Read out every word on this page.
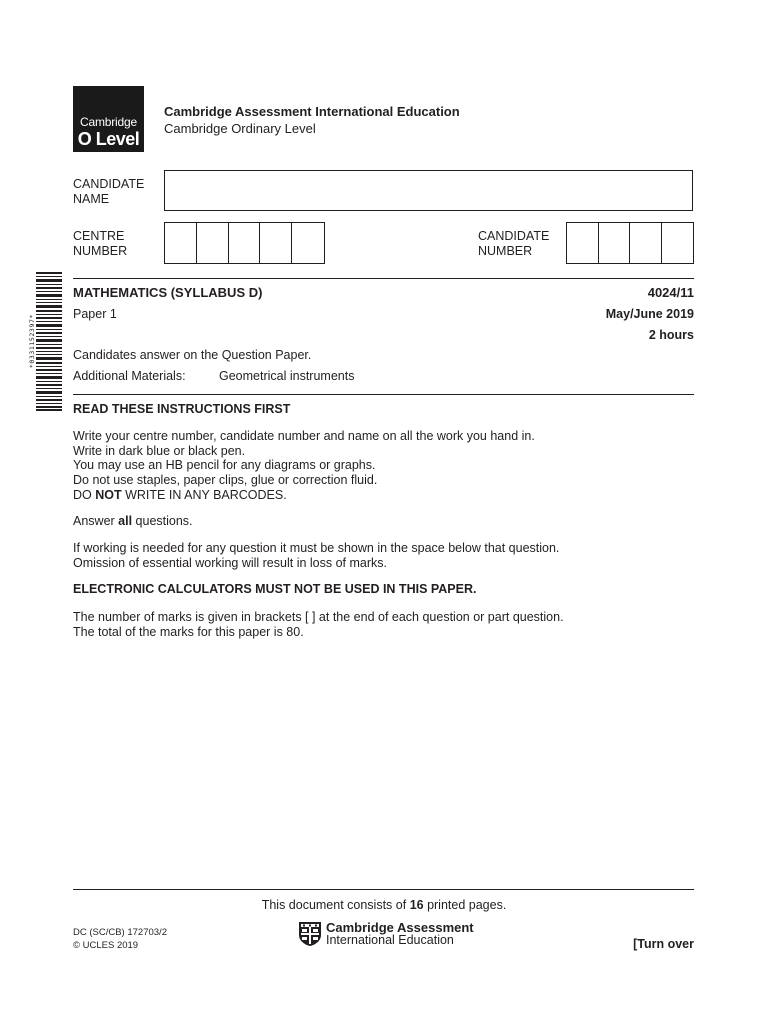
Cambridge
O Level
Cambridge Assessment International Education
Cambridge Ordinary Level
CANDIDATE
NAME
CENTRE
NUMBER
CANDIDATE
NUMBER
*0331152397*
MATHEMATICS (SYLLABUS D)	4024/11
Paper 1	May/June 2019
2 hours
Candidates answer on the Question Paper.
Additional Materials:	Geometrical instruments
READ THESE INSTRUCTIONS FIRST
Write your centre number, candidate number and name on all the work you hand in.
Write in dark blue or black pen.
You may use an HB pencil for any diagrams or graphs.
Do not use staples, paper clips, glue or correction fluid.
DO NOT WRITE IN ANY BARCODES.
Answer all questions.
If working is needed for any question it must be shown in the space below that question.
Omission of essential working will result in loss of marks.
ELECTRONIC CALCULATORS MUST NOT BE USED IN THIS PAPER.
The number of marks is given in brackets [ ] at the end of each question or part question.
The total of the marks for this paper is 80.
This document consists of 16 printed pages.
DC (SC/CB) 172703/2
© UCLES 2019
Cambridge Assessment
International Education	[Turn over
